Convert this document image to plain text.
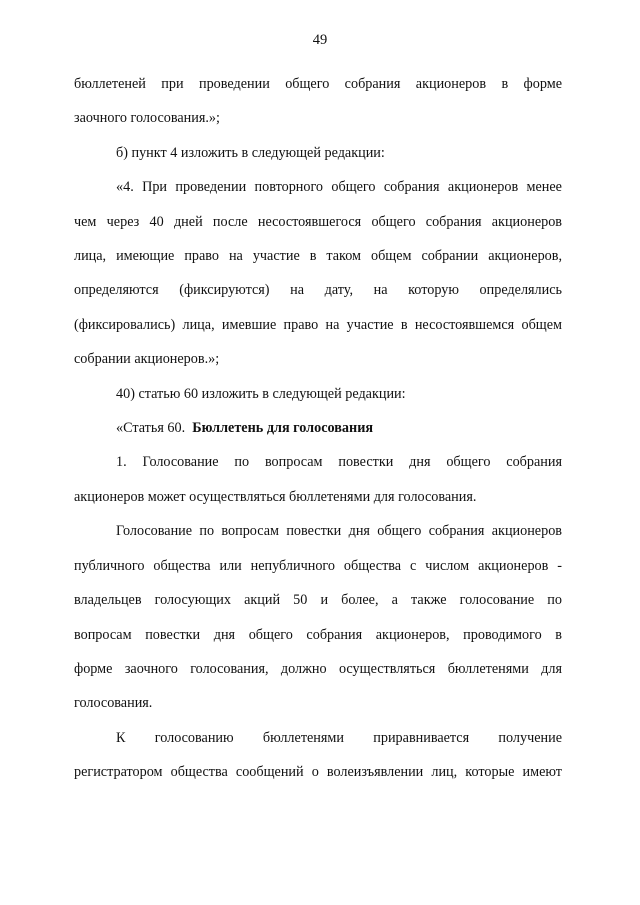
49

бюллетеней при проведении общего собрания акционеров в форме

заочного голосования.»;

б) пункт 4 изложить в следующей редакции:

«4. При проведении повторного общего собрания акционеров менее

чем через 40 дней после несостоявшегося общего собрания акционеров

лица, имеющие право на участие в таком общем собрании акционеров,

определяются (фиксируются) на дату, на которую определялись

(фиксировались) лица, имевшие право на участие в несостоявшемся общем

собрании акционеров.»;

40) статью 60 изложить в следующей редакции:

«Статья 60. Бюллетень для голосования

1. Голосование по вопросам повестки дня общего собрания

акционеров может осуществляться бюллетенями для голосования.

Голосование по вопросам повестки дня общего собрания акционеров

публичного общества или непубличного общества с числом акционеров -

владельцев голосующих акций 50 и более, а также голосование по

вопросам повестки дня общего собрания акционеров, проводимого в

форме заочного голосования, должно осуществляться бюллетенями для

голосования.

К голосованию бюллетенями приравнивается получение

регистратором общества сообщений о волеизъявлении лиц, которые имеют
